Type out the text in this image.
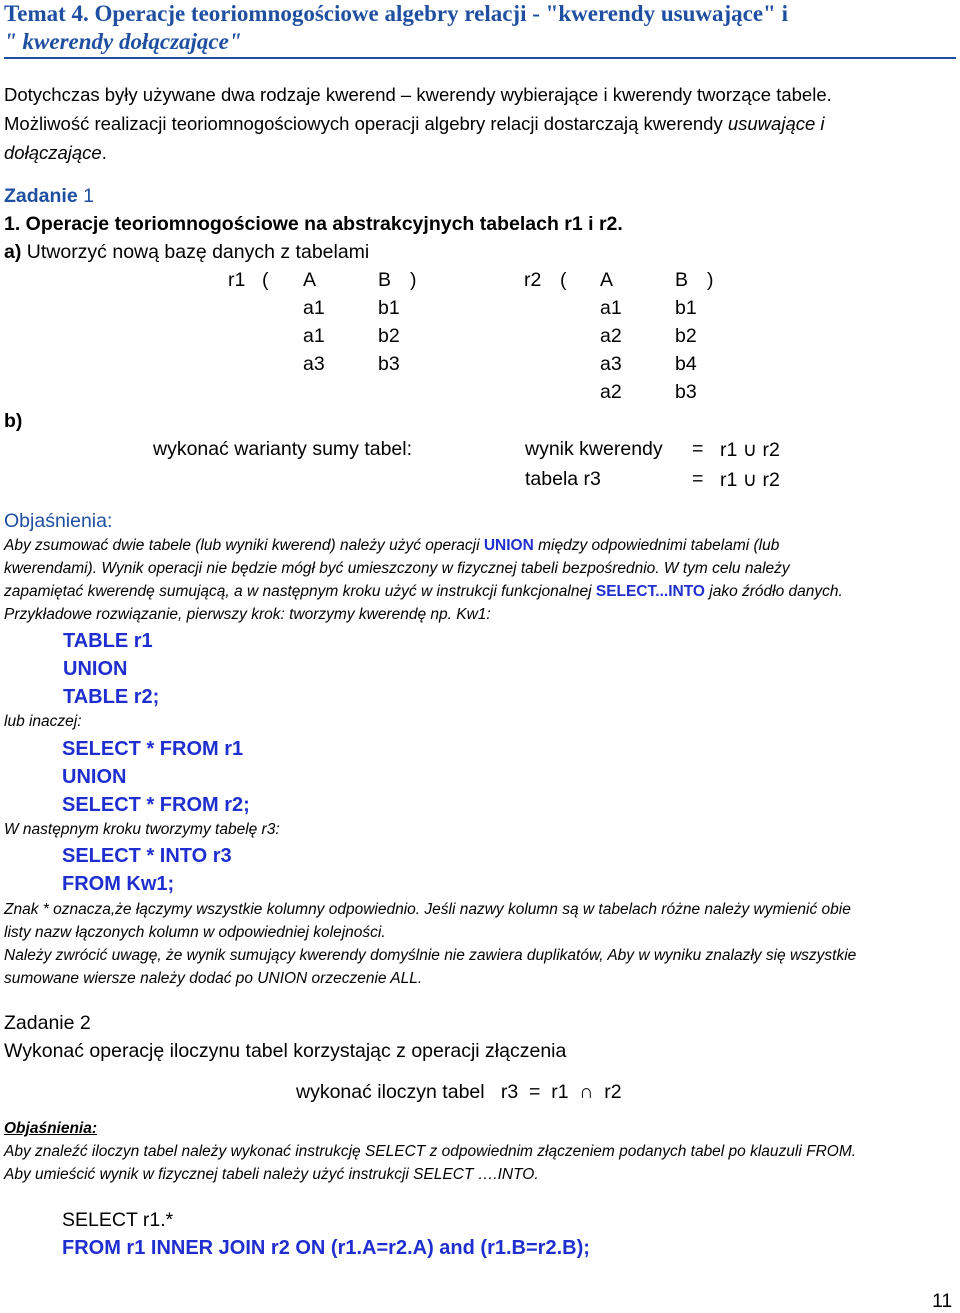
Temat 4. Operacje teoriomnogościowe algebry relacji - "kwerendy usuwające" i
" kwerendy dołączające"
Dotychczas były używane dwa rodzaje kwerend – kwerendy wybierające i kwerendy tworzące tabele.
Możliwość realizacji teoriomnogościowych operacji algebry relacji dostarczają kwerendy usuwające i
dołączające.
Zadanie 1
1. Operacje teoriomnogościowe na abstrakcyjnych tabelach r1 i r2.
a) Utworzyć nową bazę danych z tabelami
r1 ( A	B )
a1	b1
a1	b2
a3	b3
r2 ( A	B )
a1	b1
a2	b2
a3	b4
a2	b3
b)
wykonać warianty sumy tabel:	wynik kwerendy = r1 ∪ r2
tabela r3	= r1 ∪ r2
Objaśnienia:
Aby zsumować dwie tabele (lub wyniki kwerend) należy użyć operacji UNION między odpowiednimi tabelami (lub
kwerendami). Wynik operacji nie będzie mógł być umieszczony w fizycznej tabeli bezpośrednio. W tym celu należy
zapamiętać kwerendę sumującą, a w następnym kroku użyć w instrukcji funkcjonalnej SELECT...INTO jako źródło danych.
Przykładowe rozwiązanie, pierwszy krok: tworzymy kwerendę np. Kw1:
TABLE r1
UNION
TABLE r2;
lub inaczej:
SELECT * FROM r1
UNION
SELECT * FROM r2;
W następnym kroku tworzymy tabelę r3:
SELECT * INTO r3
FROM Kw1;
Znak * oznacza,że łączymy wszystkie kolumny odpowiednio. Jeśli nazwy kolumn są w tabelach różne należy wymienić obie
listy nazw łączonych kolumn w odpowiedniej kolejności.
Należy zwrócić uwagę, że wynik sumujący kwerendy domyślnie nie zawiera duplikatów, Aby w wyniku znalazły się wszystkie
sumowane wiersze należy dodać po UNION orzeczenie ALL.
Zadanie 2
Wykonać operację iloczynu tabel korzystając z operacji złączenia
wykonać iloczyn tabel   r3  =  r1  ∩  r2
Objaśnienia:
Aby znaleźć iloczyn tabel należy wykonać instrukcję SELECT z odpowiednim złączeniem podanych tabel po klauzuli FROM.
Aby umieścić wynik w fizycznej tabeli należy użyć instrukcji SELECT ….INTO.
SELECT r1.*
FROM r1 INNER JOIN r2 ON (r1.A=r2.A) and (r1.B=r2.B);
11
